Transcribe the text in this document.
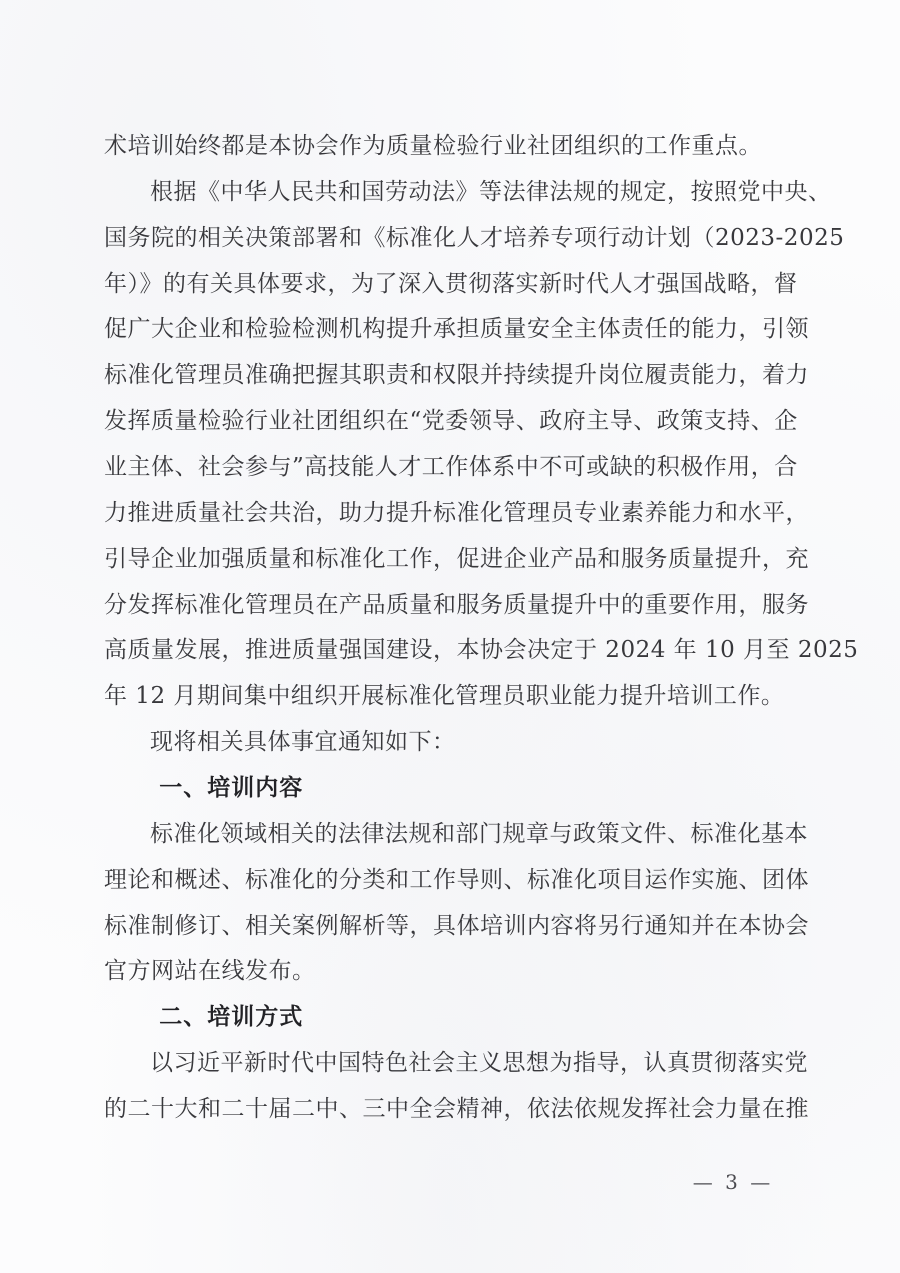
术培训始终都是本协会作为质量检验行业社团组织的工作重点。
根据《中华人民共和国劳动法》等法律法规的规定，按照党中央、
国务院的相关决策部署和《标准化人才培养专项行动计划（2023-2025
年）》的有关具体要求，为了深入贯彻落实新时代人才强国战略，督
促广大企业和检验检测机构提升承担质量安全主体责任的能力，引领
标准化管理员准确把握其职责和权限并持续提升岗位履责能力，着力
发挥质量检验行业社团组织在“党委领导、政府主导、政策支持、企
业主体、社会参与”高技能人才工作体系中不可或缺的积极作用，合
力推进质量社会共治，助力提升标准化管理员专业素养能力和水平，
引导企业加强质量和标准化工作，促进企业产品和服务质量提升，充
分发挥标准化管理员在产品质量和服务质量提升中的重要作用，服务
高质量发展，推进质量强国建设，本协会决定于 2024 年 10 月至 2025
年 12 月期间集中组织开展标准化管理员职业能力提升培训工作。
现将相关具体事宜通知如下：
一、培训内容
标准化领域相关的法律法规和部门规章与政策文件、标准化基本
理论和概述、标准化的分类和工作导则、标准化项目运作实施、团体
标准制修订、相关案例解析等，具体培训内容将另行通知并在本协会
官方网站在线发布。
二、培训方式
以习近平新时代中国特色社会主义思想为指导，认真贯彻落实党
的二十大和二十届二中、三中全会精神，依法依规发挥社会力量在推
— 3 —
